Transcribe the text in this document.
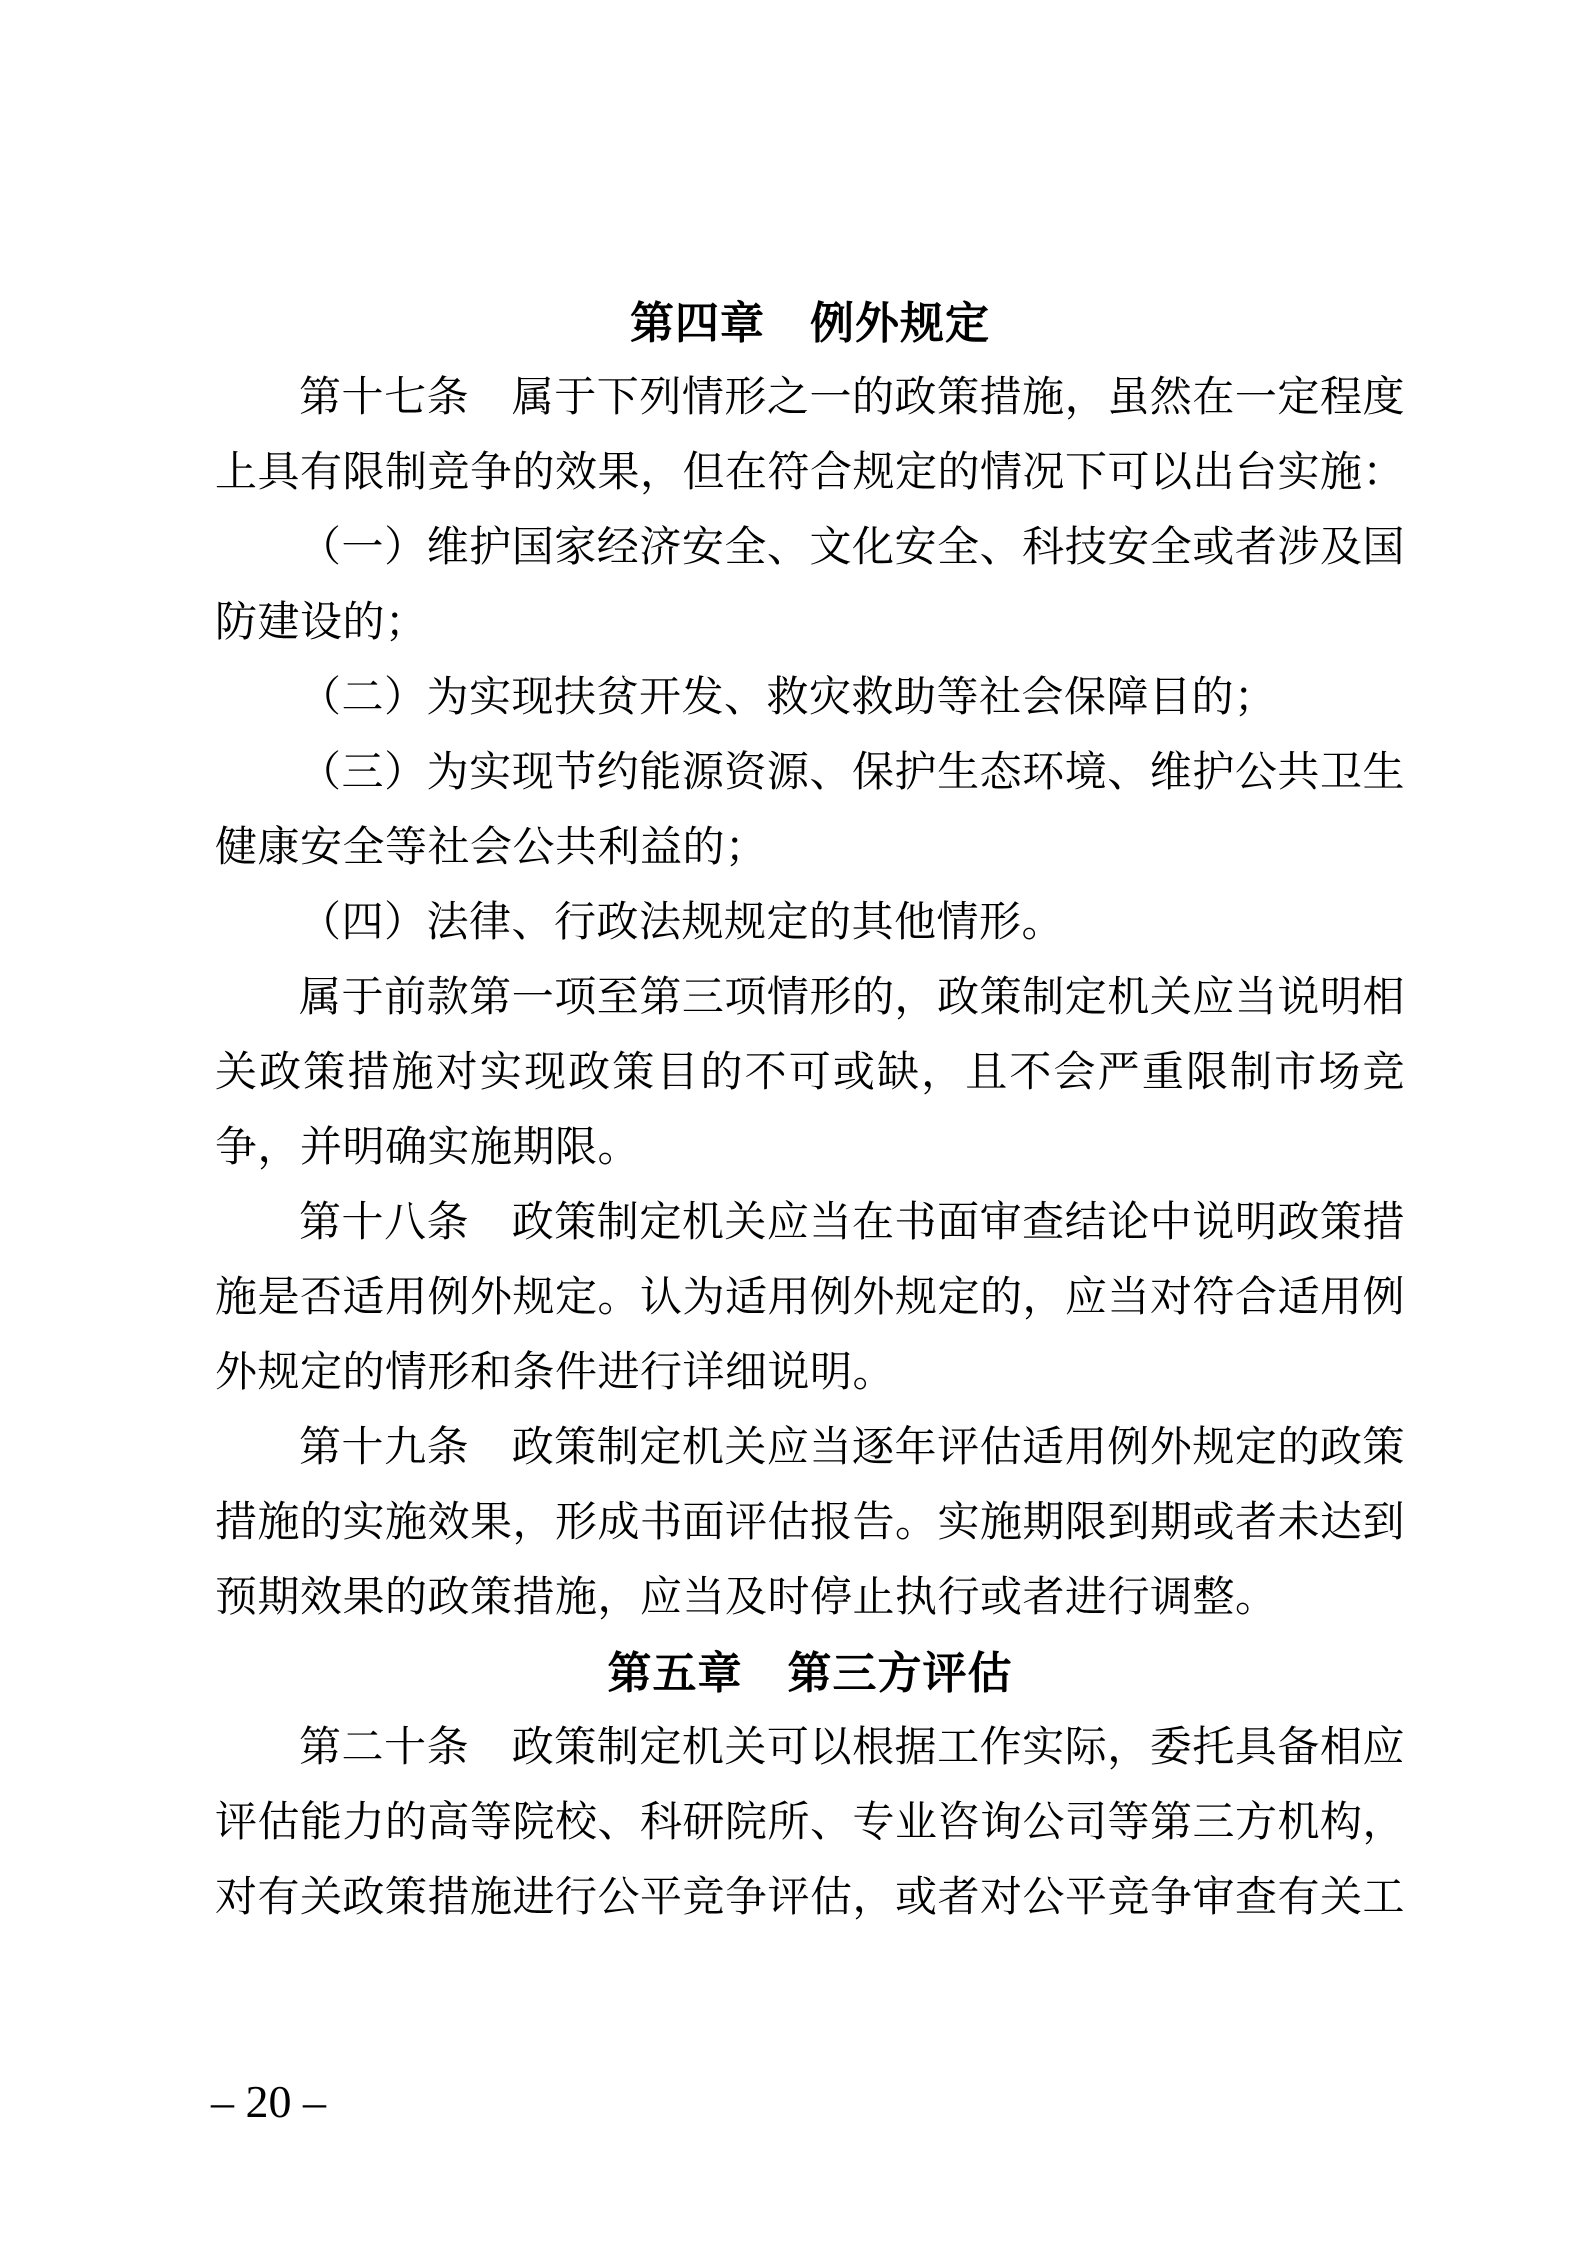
第四章　例外规定
第十七条　属于下列情形之一的政策措施，虽然在一定程度
上具有限制竞争的效果，但在符合规定的情况下可以出台实施：
（一）维护国家经济安全、文化安全、科技安全或者涉及国
防建设的；
（二）为实现扶贫开发、救灾救助等社会保障目的；
（三）为实现节约能源资源、保护生态环境、维护公共卫生
健康安全等社会公共利益的；
（四）法律、行政法规规定的其他情形。
属于前款第一项至第三项情形的，政策制定机关应当说明相
关政策措施对实现政策目的不可或缺，且不会严重限制市场竞
争，并明确实施期限。
第十八条　政策制定机关应当在书面审查结论中说明政策措
施是否适用例外规定。认为适用例外规定的，应当对符合适用例
外规定的情形和条件进行详细说明。
第十九条　政策制定机关应当逐年评估适用例外规定的政策
措施的实施效果，形成书面评估报告。实施期限到期或者未达到
预期效果的政策措施，应当及时停止执行或者进行调整。
第五章　第三方评估
第二十条　政策制定机关可以根据工作实际，委托具备相应
评估能力的高等院校、科研院所、专业咨询公司等第三方机构，
对有关政策措施进行公平竞争评估，或者对公平竞争审查有关工
– 20 –
